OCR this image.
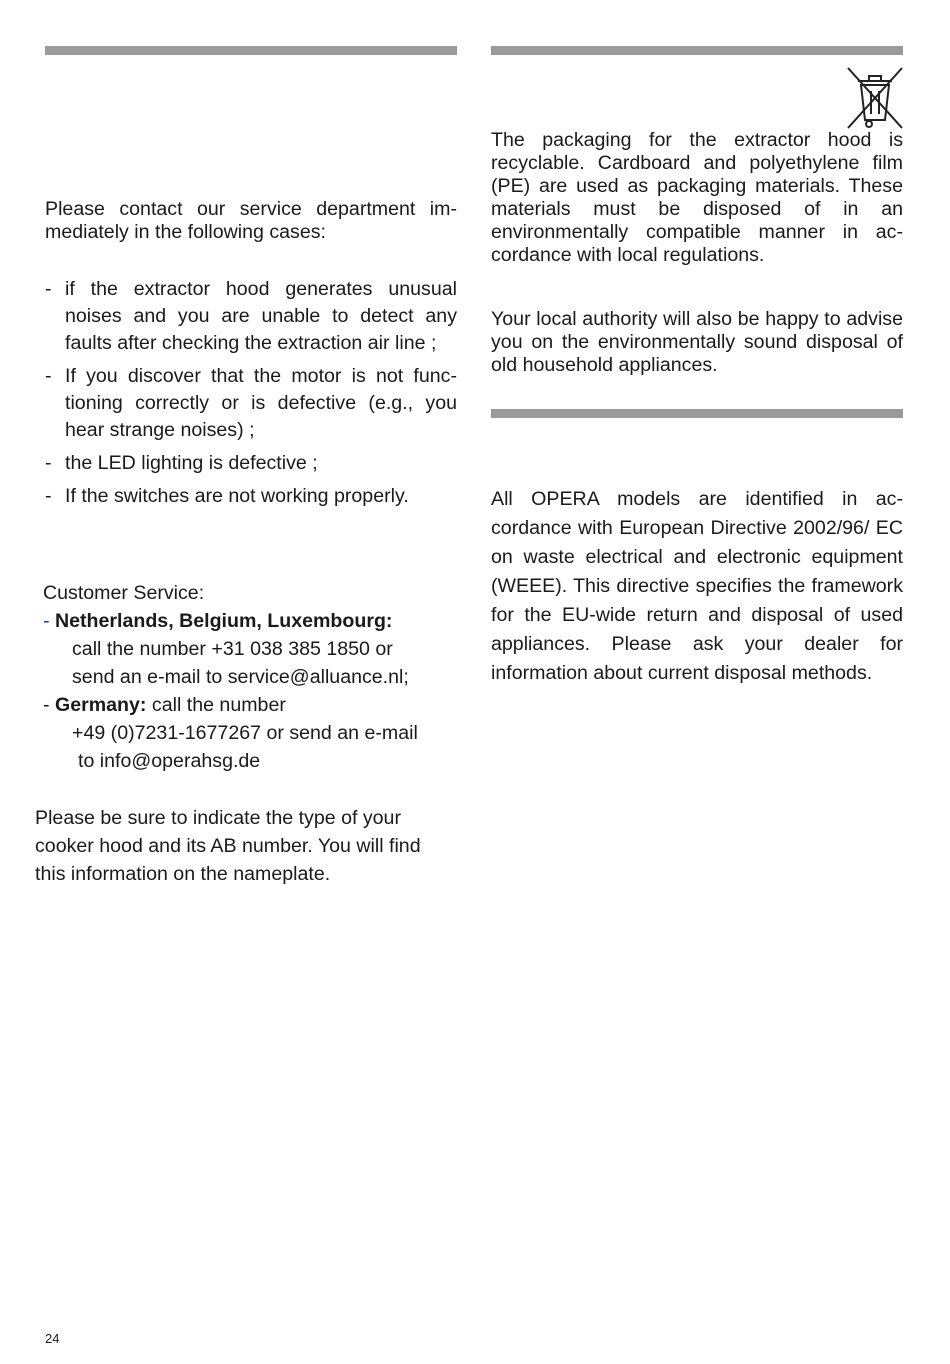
Please contact our service department im-mediately in the following cases:

- if the extractor hood generates unusual noises and you are unable to detect any faults after checking the extraction air line ;
- If you discover that the motor is not func-tioning correctly or is defective (e.g., you hear strange noises) ;
- the LED lighting is defective ;
- If the switches are not working properly.
Customer Service:
- Netherlands, Belgium, Luxembourg:
call the number +31 038 385 1850 or
send an e-mail to service@alluance.nl;
- Germany: call the number
+49 (0)7231-1677267 or send an e-mail
to info@operahsg.de

Please be sure to indicate the type of your cooker hood and its AB number. You will find this information on the nameplate.

The packaging for the extractor hood is recyclable. Cardboard and polyethylene film (PE) are used as packaging materials. These materials must be disposed of in an environmentally compatible manner in ac-cordance with local regulations.

Your local authority will also be happy to advise you on the environmentally sound disposal of old household appliances.

All OPERA models are identified in ac-cordance with European Directive 2002/96/ EC on waste electrical and electronic equipment (WEEE). This directive specifies the framework for the EU-wide return and disposal of used appliances. Please ask your dealer for information about current disposal methods.

24
